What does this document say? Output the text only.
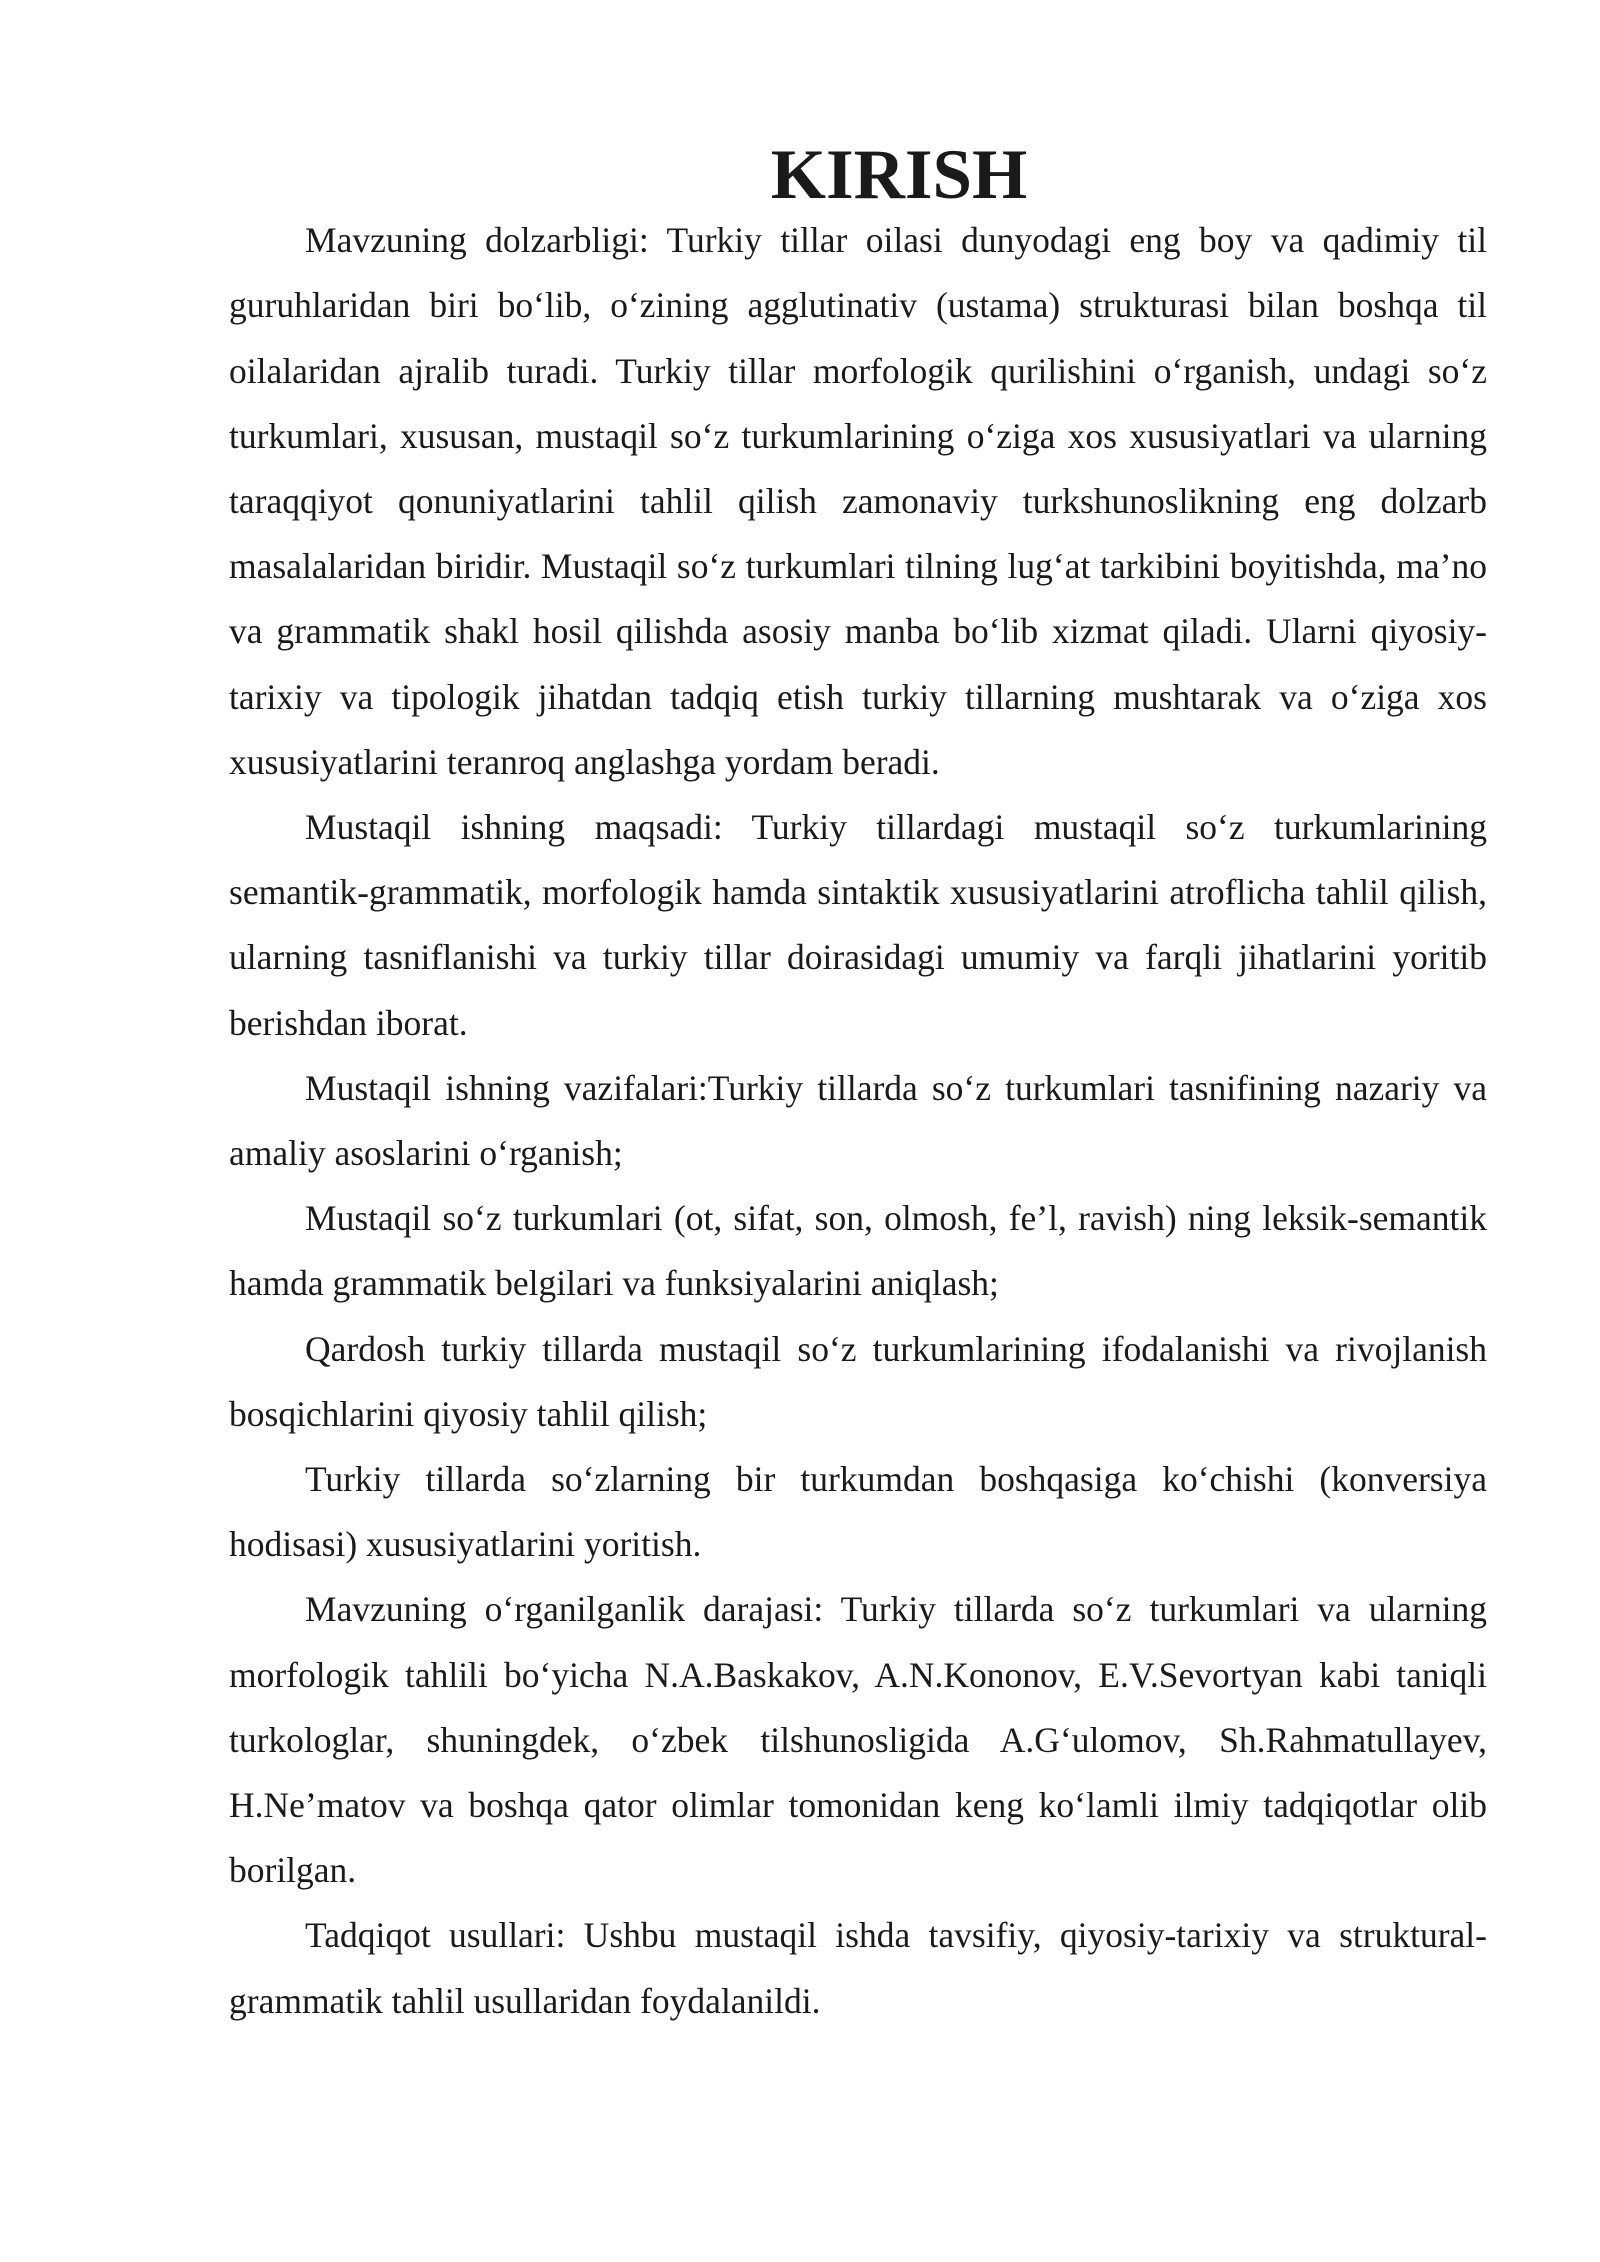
KIRISH

Mavzuning dolzarbligi: Turkiy tillar oilasi dunyodagi eng boy va qadimiy til guruhlaridan biri bo‘lib, o‘zining agglutinativ (ustama) strukturasi bilan boshqa til oilalaridan ajralib turadi. Turkiy tillar morfologik qurilishini o‘rganish, undagi so‘z turkumlari, xususan, mustaqil so‘z turkumlarining o‘ziga xos xususiyatlari va ularning taraqqiyot qonuniyatlarini tahlil qilish zamonaviy turkshunoslikning eng dolzarb masalalaridan biridir. Mustaqil so‘z turkumlari tilning lug‘at tarkibini boyitishda, ma’no va grammatik shakl hosil qilishda asosiy manba bo‘lib xizmat qiladi. Ularni qiyosiy-tarixiy va tipologik jihatdan tadqiq etish turkiy tillarning mushtarak va o‘ziga xos xususiyatlarini teranroq anglashga yordam beradi.

Mustaqil ishning maqsadi: Turkiy tillardagi mustaqil so‘z turkumlarining semantik-grammatik, morfologik hamda sintaktik xususiyatlarini atroflicha tahlil qilish, ularning tasniflanishi va turkiy tillar doirasidagi umumiy va farqli jihatlarini yoritib berishdan iborat.

Mustaqil ishning vazifalari:Turkiy tillarda so‘z turkumlari tasnifining nazariy va amaliy asoslarini o‘rganish;

Mustaqil so‘z turkumlari (ot, sifat, son, olmosh, fe’l, ravish) ning leksik-semantik hamda grammatik belgilari va funksiyalarini aniqlash;

Qardosh turkiy tillarda mustaqil so‘z turkumlarining ifodalanishi va rivojlanish bosqichlarini qiyosiy tahlil qilish;

Turkiy tillarda so‘zlarning bir turkumdan boshqasiga ko‘chishi (konversiya hodisasi) xususiyatlarini yoritish.

Mavzuning o‘rganilganlik darajasi: Turkiy tillarda so‘z turkumlari va ularning morfologik tahlili bo‘yicha N.A.Baskakov, A.N.Kononov, E.V.Sevortyan kabi taniqli turkologlar, shuningdek, o‘zbek tilshunosligida A.G‘ulomov, Sh.Rahmatullayev, H.Ne’matov va boshqa qator olimlar tomonidan keng ko‘lamli ilmiy tadqiqotlar olib borilgan.

Tadqiqot usullari: Ushbu mustaqil ishda tavsifiy, qiyosiy-tarixiy va struktural-grammatik tahlil usullaridan foydalanildi.
